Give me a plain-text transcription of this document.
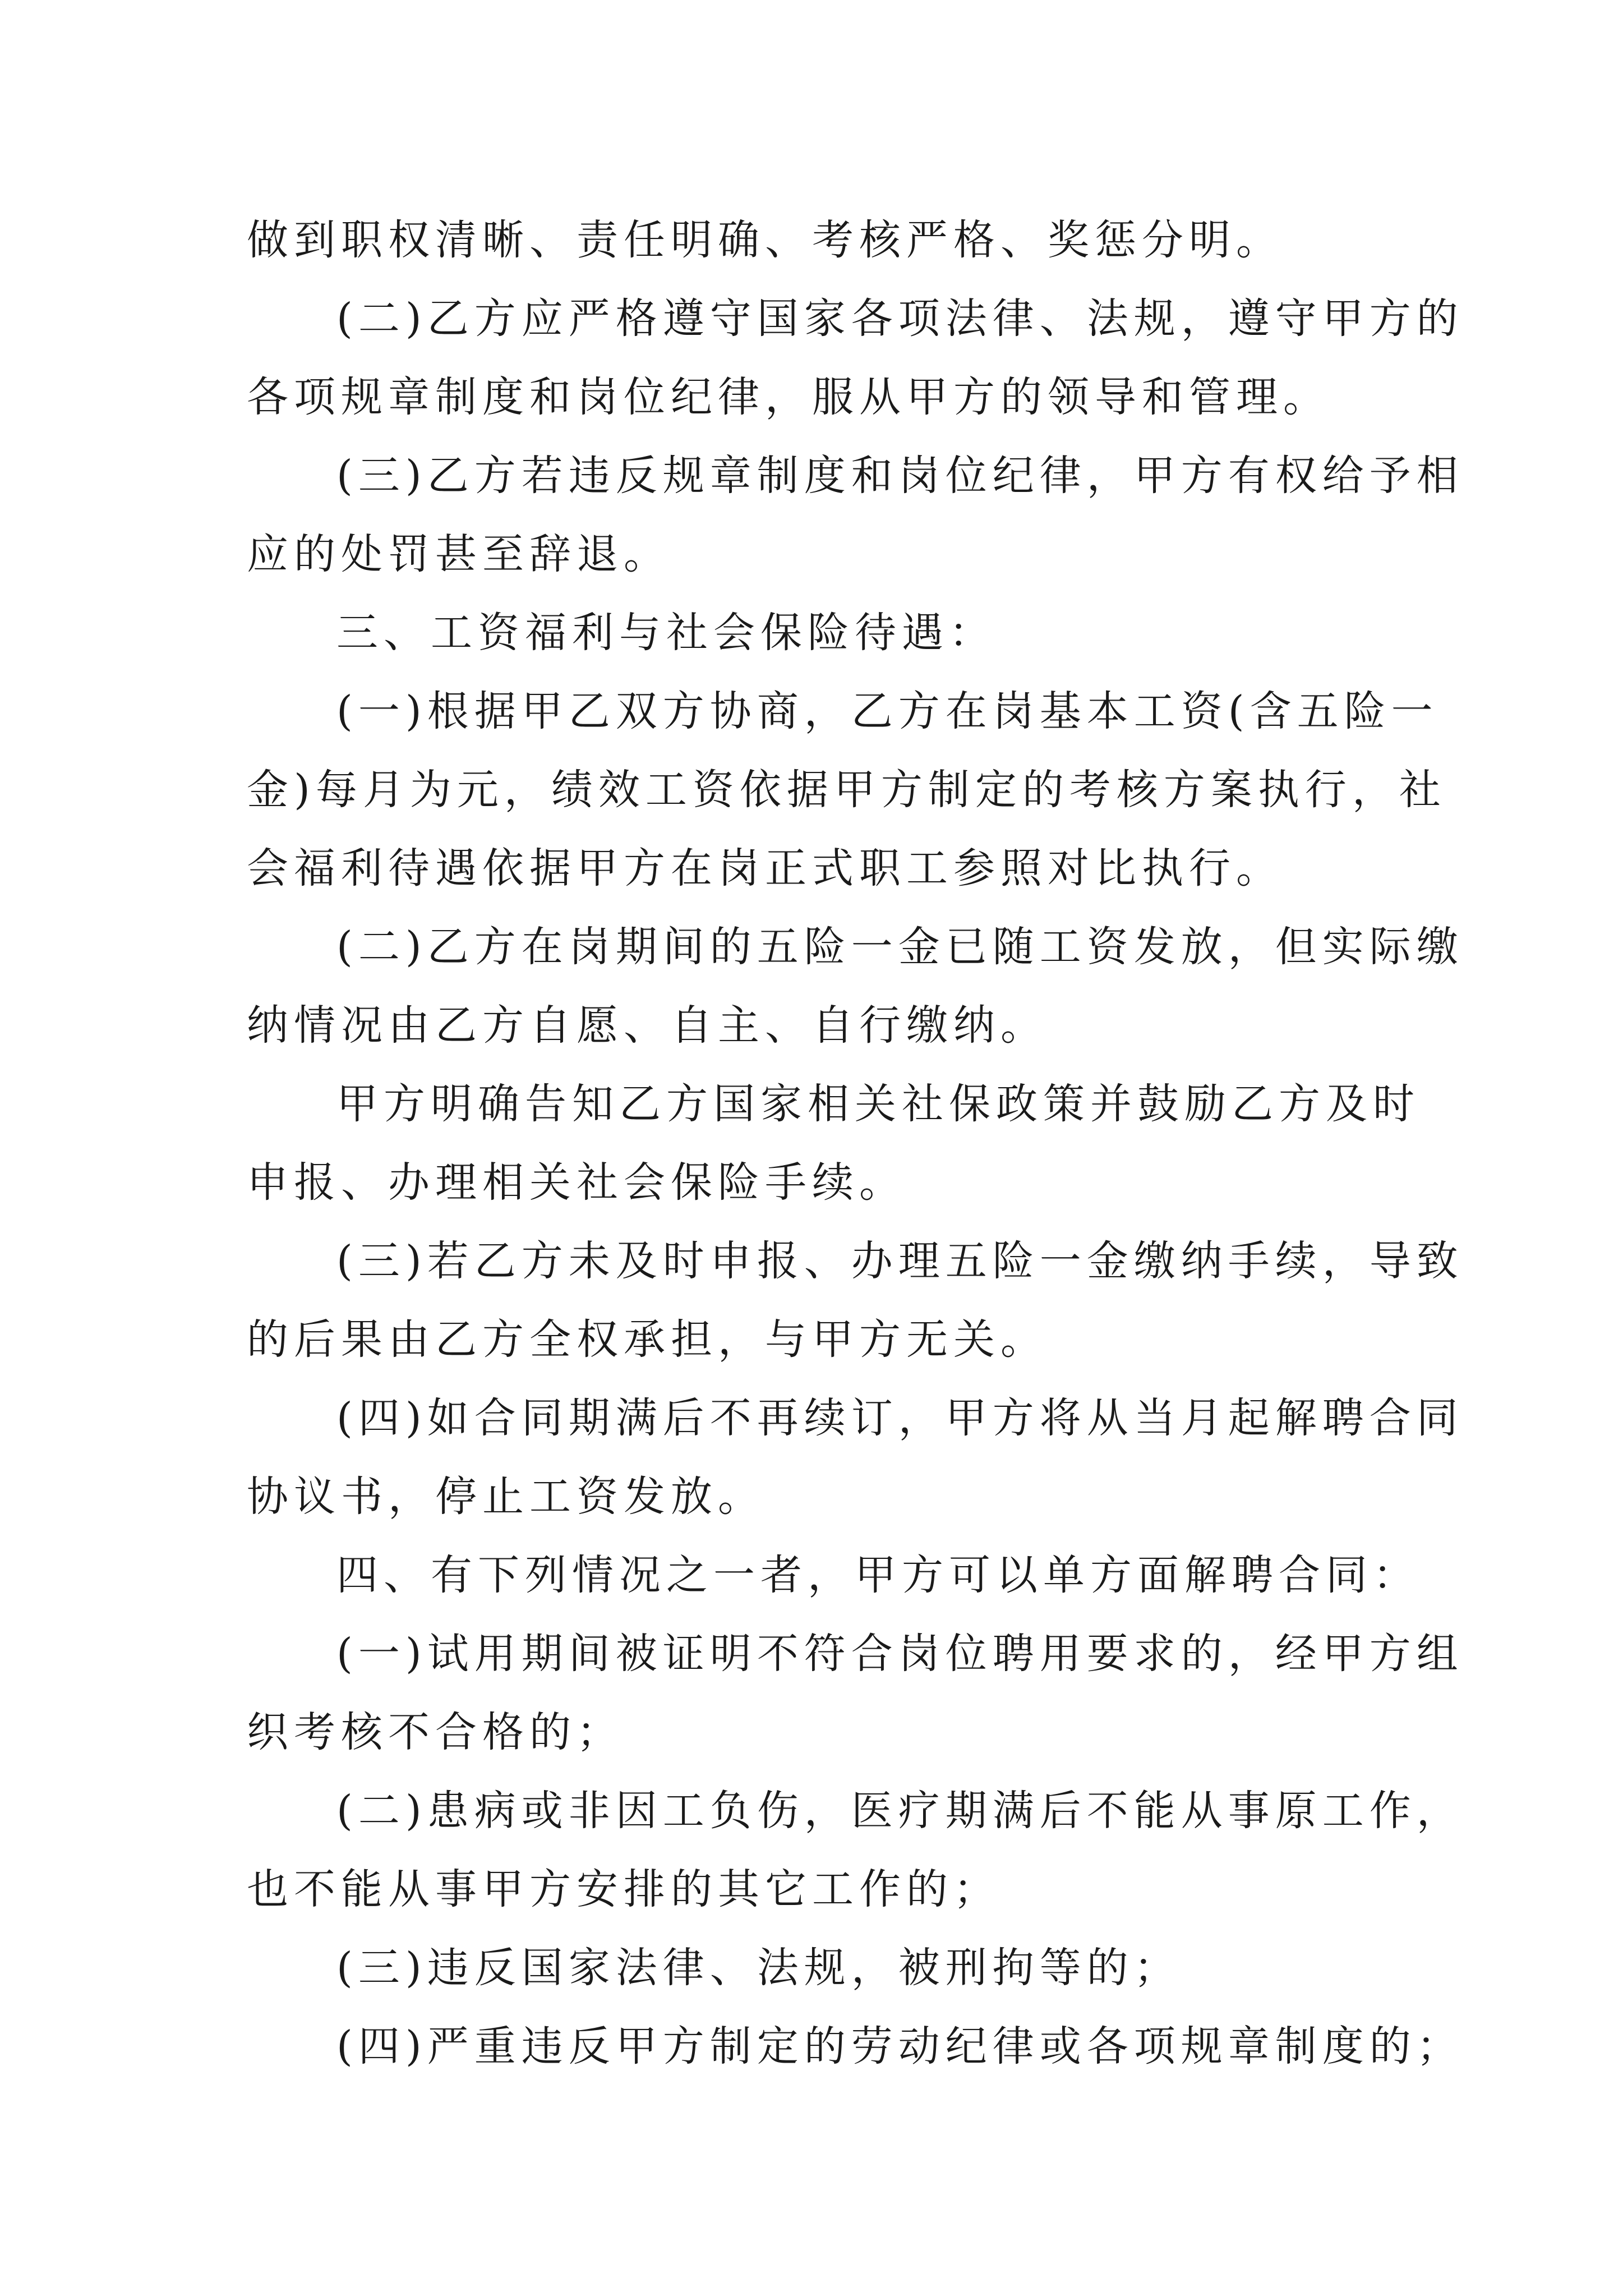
做到职权清晰、责任明确、考核严格、奖惩分明。
(二)乙方应严格遵守国家各项法律、法规，遵守甲方的
各项规章制度和岗位纪律，服从甲方的领导和管理。
(三)乙方若违反规章制度和岗位纪律，甲方有权给予相
应的处罚甚至辞退。
三、工资福利与社会保险待遇：
(一)根据甲乙双方协商，乙方在岗基本工资(含五险一
金)每月为元，绩效工资依据甲方制定的考核方案执行，社
会福利待遇依据甲方在岗正式职工参照对比执行。
(二)乙方在岗期间的五险一金已随工资发放，但实际缴
纳情况由乙方自愿、自主、自行缴纳。
甲方明确告知乙方国家相关社保政策并鼓励乙方及时
申报、办理相关社会保险手续。
(三)若乙方未及时申报、办理五险一金缴纳手续，导致
的后果由乙方全权承担，与甲方无关。
(四)如合同期满后不再续订，甲方将从当月起解聘合同
协议书，停止工资发放。
四、有下列情况之一者，甲方可以单方面解聘合同：
(一)试用期间被证明不符合岗位聘用要求的，经甲方组
织考核不合格的；
(二)患病或非因工负伤，医疗期满后不能从事原工作，
也不能从事甲方安排的其它工作的；
(三)违反国家法律、法规，被刑拘等的；
(四)严重违反甲方制定的劳动纪律或各项规章制度的；
